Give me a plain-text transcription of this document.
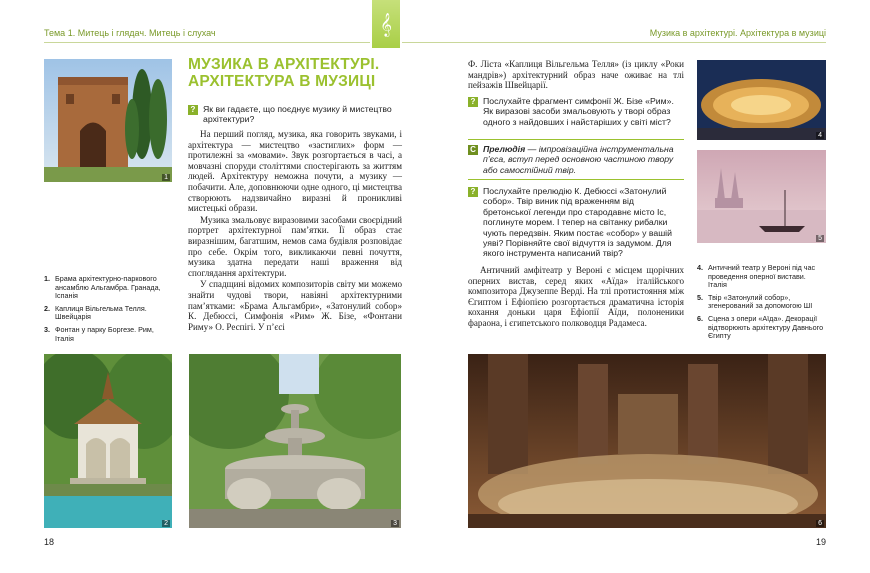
Тема 1. Митець і глядач. Митець і слухач	Музика в архітектурі. Архітектура в музиці
𝄞
1
1. Брама архітектурно-паркового ансамблю Альгамбра. Гранада, Іспанія
2. Каплиця Вільгельма Телля. Швейцарія
3. Фонтан у парку Боргезе. Рим, Італія
МУЗИКА В АРХІТЕКТУРІ.
АРХІТЕКТУРА В МУЗИЦІ
? Як ви гадаєте, що поєднує музику й мистецтво архітектури?

На перший погляд, музика, яка говорить звуками, і архітектура — мистецтво «застиглих» форм — протилежні за «мовами». Звук розгортається в часі, а мовчазні споруди століттями спостерігають за життям людей. Архітектуру неможна почути, а музику — побачити. Але, доповнюючи одне одного, ці мистецтва створюють надзвичайно виразні й проникливі мистецькі образи.

Музика змальовує виразовими засобами своєрідний портрет архітектурної пам’ятки. Її образ стає виразнішим, багатшим, немов сама будівля розповідає про себе. Окрім того, викликаючи певні почуття, музика здатна передати наші враження від споглядання архітектури.

У спадщині відомих композиторів світу ми можемо знайти чудові твори, навіяні архітектурними пам’ятками: «Брама Альгамбри», «Затонулий собор» К. Дебюссі, Симфонія «Рим» Ж. Бізе, «Фонтани Риму» О. Респігі. У п’єсі

2	3
18

Ф. Ліста «Каплиця Вільгельма Телля» (із циклу «Роки мандрів») архітектурний образ наче оживає на тлі пейзажів Швейцарії.

? Послухайте фрагмент симфонії Ж. Бізе «Рим». Як виразові засоби змальовують у творі образ одного з найдовших і найстаріших у світі міст?
С Прелюдія — імпровізаційна інструментальна п’єса, вступ перед основною частиною твору або самостійний твір.
? Послухайте прелюдію К. Дебюссі «Затонулий собор». Твір виник під враженням від бретонської легенди про стародавнє місто Іс, поглинуте морем. І тепер на світанку рибалки чують передзвін. Яким постає «собор» у вашій уяві? Порівняйте свої відчуття із задумом. Для якого інструмента написаний твір?

Античний амфітеатр у Вероні є місцем щорічних оперних вистав, серед яких «Аїда» італійського композитора Джузеппе Верді. На тлі протистояння між Єгиптом і Ефіопією розгортається драматична історія кохання доньки царя Ефіопії Аїди, полоненики фараона, і єгипетського полководця Радамеса.

4
5
4. Античний театр у Вероні під час проведення оперної вистави. Італія
5. Твір «Затонулий собор», згенерований за допомогою ШІ
6. Сцена з опери «Аїда». Декорації відтворюють архітектуру Давнього Єгипту
6
19
